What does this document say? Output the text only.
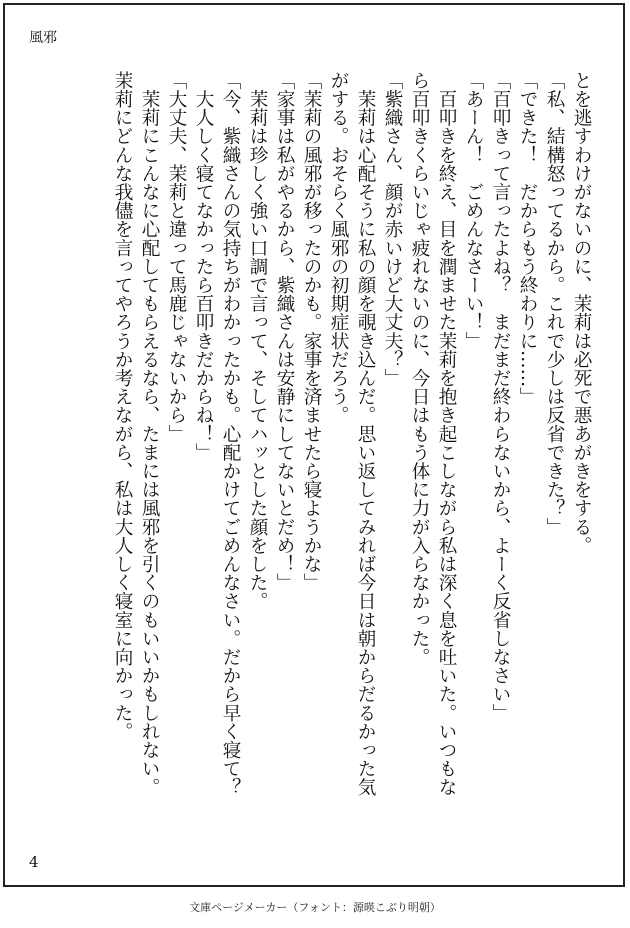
風邪
とを逃すわけがないのに、茉莉は必死で悪あがきをする。
「私、結構怒ってるから。これで少しは反省できた？」
「できた！　だからもう終わりに……」
「百叩きって言ったよね？　まだまだ終わらないから、よーく反省しなさい」
「あーん！　ごめんなさーい！」
　百叩きを終え、目を潤ませた茉莉を抱き起こしながら私は深く息を吐いた。いつもな
ら百叩きくらいじゃ疲れないのに、今日はもう体に力が入らなかった。
「紫織さん、顔が赤いけど大丈夫？」
　茉莉は心配そうに私の顔を覗き込んだ。思い返してみれば今日は朝からだるかった気
がする。おそらく風邪の初期症状だろう。
「茉莉の風邪が移ったのかも。家事を済ませたら寝ようかな」
「家事は私がやるから、紫織さんは安静にしてないとだめ！」
　茉莉は珍しく強い口調で言って、そしてハッとした顔をした。
「今、紫織さんの気持ちがわかったかも。心配かけてごめんなさい。だから早く寝て？
　大人しく寝てなかったら百叩きだからね！」
「大丈夫、茉莉と違って馬鹿じゃないから」
　茉莉にこんなに心配してもらえるなら、たまには風邪を引くのもいいかもしれない。
茉莉にどんな我儘を言ってやろうか考えながら、私は大人しく寝室に向かった。
4
文庫ページメーカー（フォント：源暎こぶり明朝）
